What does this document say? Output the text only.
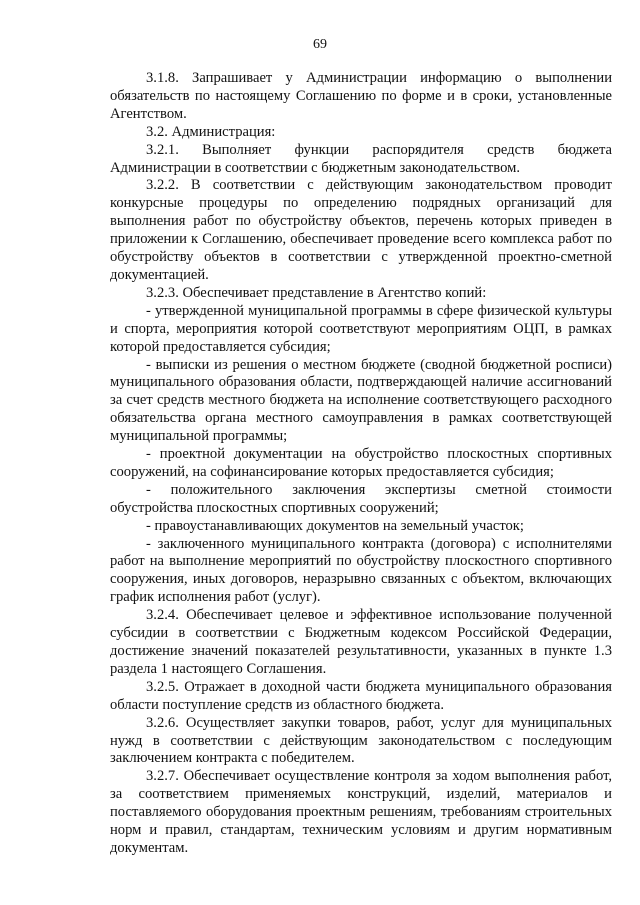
69

3.1.8. Запрашивает у Администрации информацию о выполнении обязательств по настоящему Соглашению по форме и в сроки, установленные Агентством.

3.2. Администрация:

3.2.1. Выполняет функции распорядителя средств бюджета Администрации в соответствии с бюджетным законодательством.

3.2.2. В соответствии с действующим законодательством проводит конкурсные процедуры по определению подрядных организаций для выполнения работ по обустройству объектов, перечень которых приведен в приложении к Соглашению, обеспечивает проведение всего комплекса работ по обустройству объектов в соответствии с утвержденной проектно-сметной документацией.

3.2.3. Обеспечивает представление в Агентство копий:

- утвержденной муниципальной программы в сфере физической культуры и спорта, мероприятия которой соответствуют мероприятиям ОЦП, в рамках которой предоставляется субсидия;

- выписки из решения о местном бюджете (сводной бюджетной росписи) муниципального образования области, подтверждающей наличие ассигнований за счет средств местного бюджета на исполнение соответствующего расходного обязательства органа местного самоуправления в рамках соответствующей муниципальной программы;

- проектной документации на обустройство плоскостных спортивных сооружений, на софинансирование которых предоставляется субсидия;

- положительного заключения экспертизы сметной стоимости обустройства плоскостных спортивных сооружений;

- правоустанавливающих документов на земельный участок;

- заключенного муниципального контракта (договора) с исполнителями работ на выполнение мероприятий по обустройству плоскостного спортивного сооружения, иных договоров, неразрывно связанных с объектом, включающих график исполнения работ (услуг).

3.2.4. Обеспечивает целевое и эффективное использование полученной субсидии в соответствии с Бюджетным кодексом Российской Федерации, достижение значений показателей результативности, указанных в пункте 1.3 раздела 1 настоящего Соглашения.

3.2.5. Отражает в доходной части бюджета муниципального образования области поступление средств из областного бюджета.

3.2.6. Осуществляет закупки товаров, работ, услуг для муниципальных нужд в соответствии с действующим законодательством с последующим заключением контракта с победителем.

3.2.7. Обеспечивает осуществление контроля за ходом выполнения работ, за соответствием применяемых конструкций, изделий, материалов и поставляемого оборудования проектным решениям, требованиям строительных норм и правил, стандартам, техническим условиям и другим нормативным документам.
